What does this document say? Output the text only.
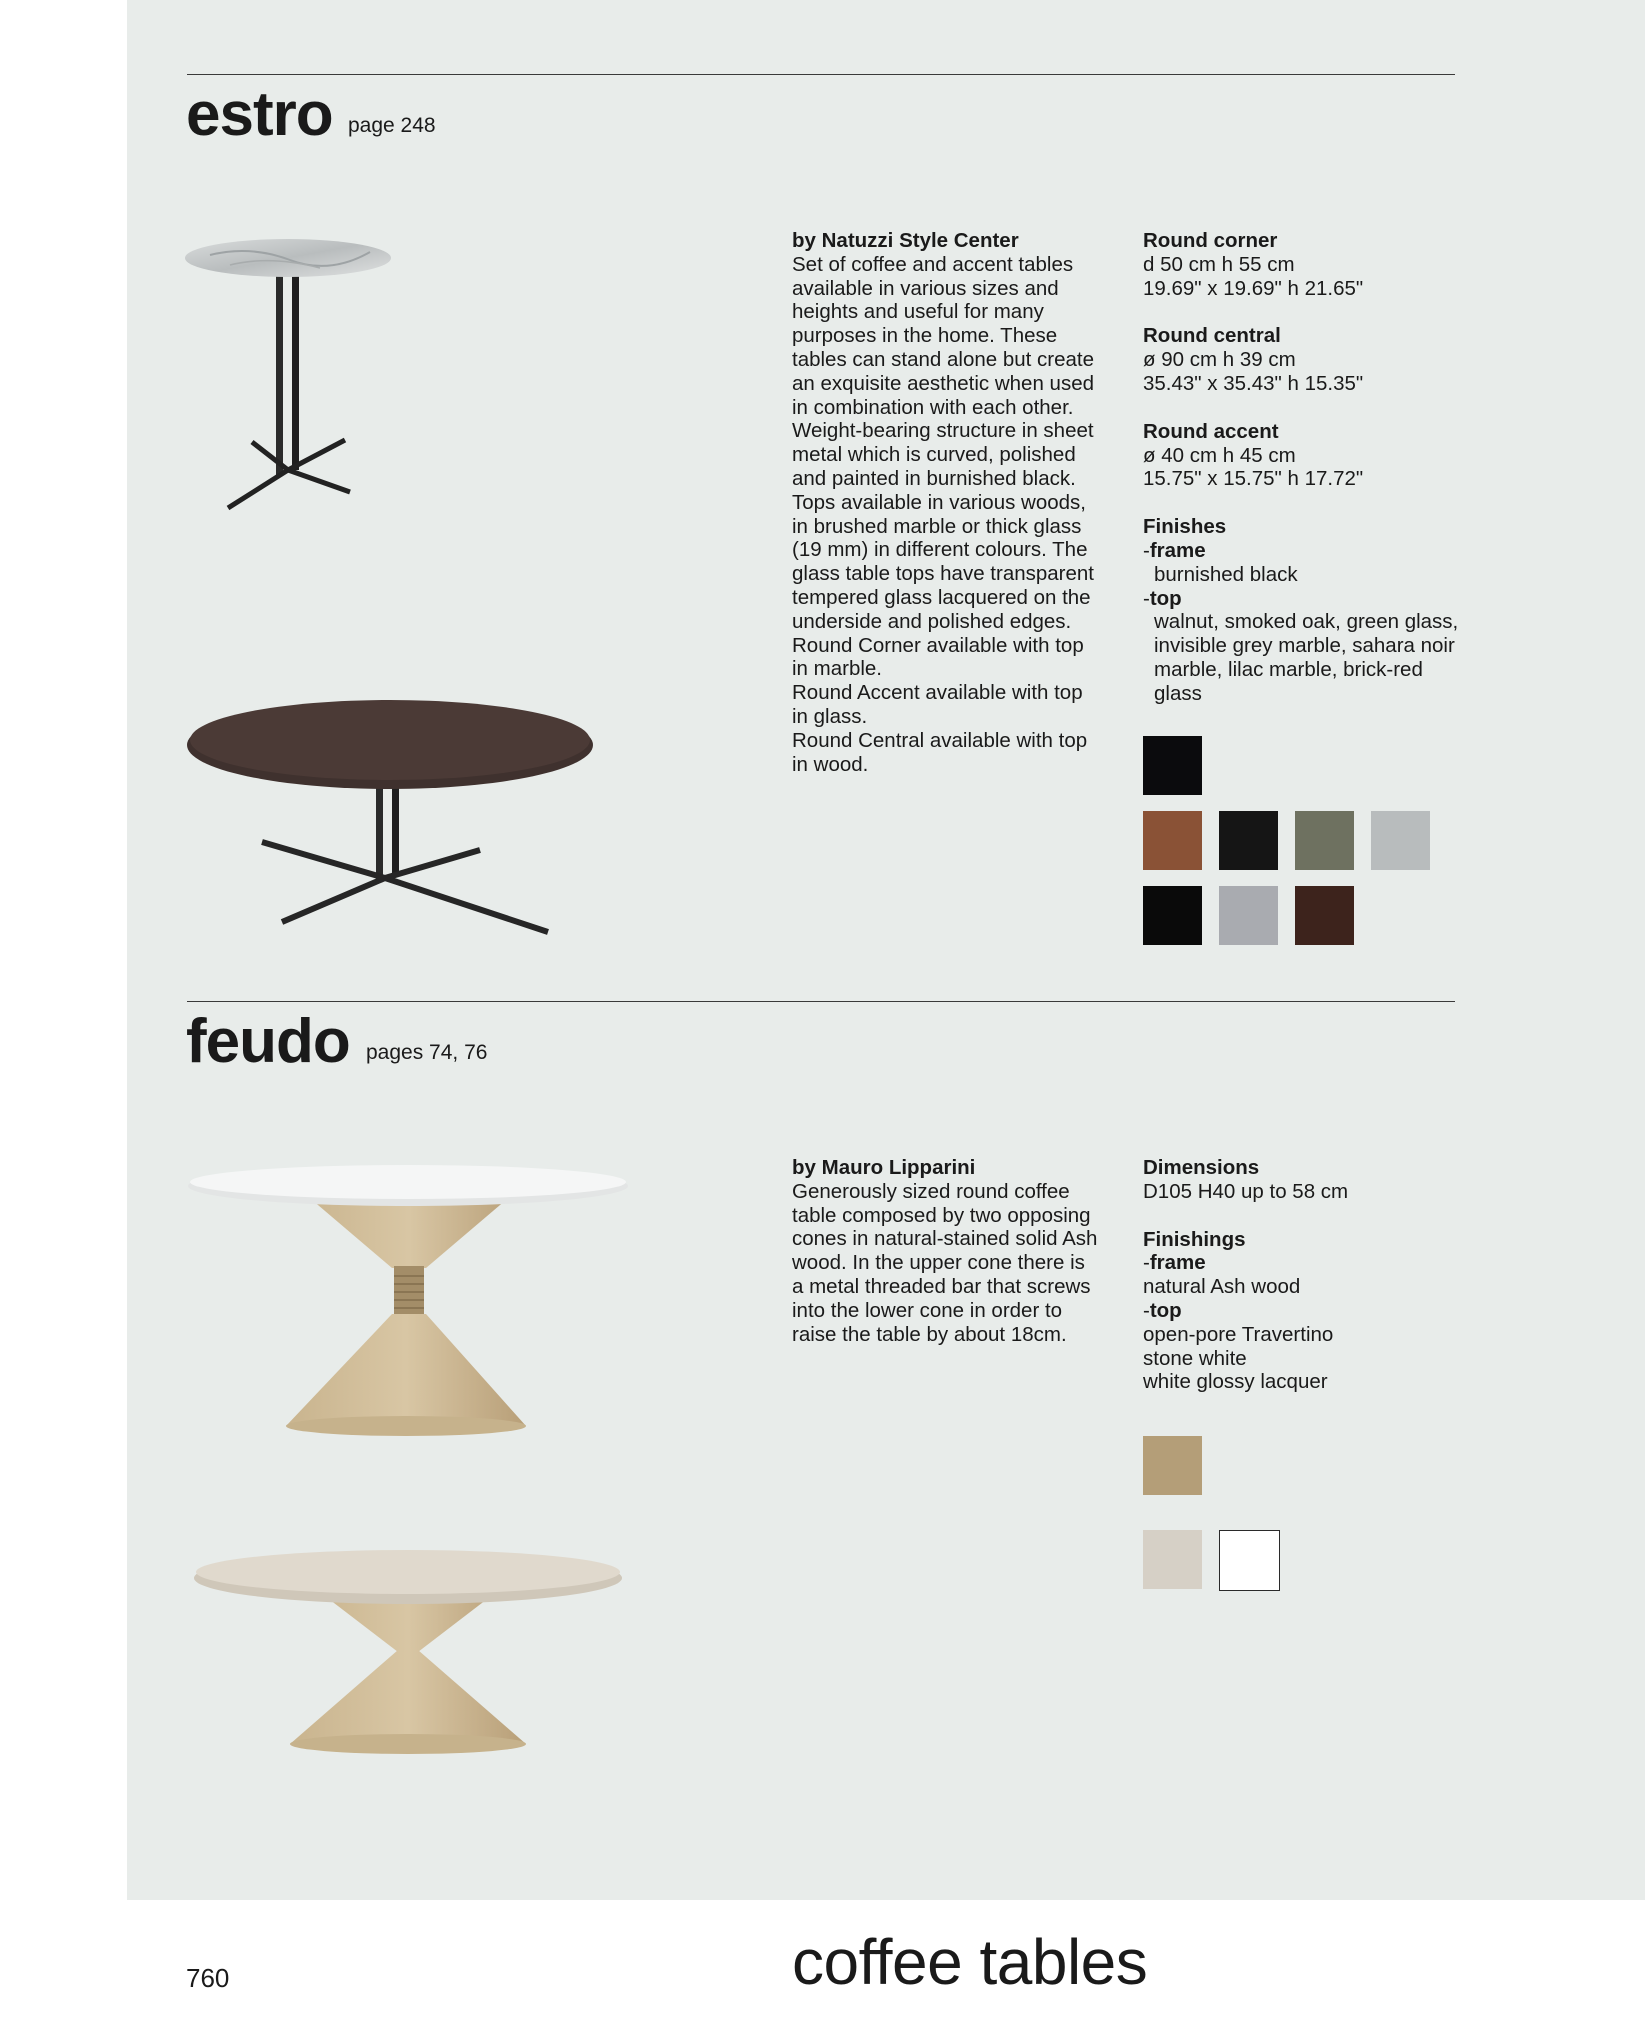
estro page 248

by Natuzzi Style Center

Set of coffee and accent tables

available in various sizes and

heights and useful for many

purposes in the home. These

tables can stand alone but create

an exquisite aesthetic when used

in combination with each other.

Weight-bearing structure in sheet

metal which is curved, polished

and painted in burnished black.

Tops available in various woods,

in brushed marble or thick glass

(19 mm) in different colours. The

glass table tops have transparent

tempered glass lacquered on the

underside and polished edges.

Round Corner available with top

in marble.

Round Accent available with top

in glass.

Round Central available with top

in wood.

Round corner

d 50 cm h 55 cm

19.69" x 19.69" h 21.65"

Round central

ø 90 cm h 39 cm

35.43" x 35.43" h 15.35"

Round accent

ø 40 cm h 45 cm

15.75" x 15.75" h 17.72"

Finishes

-frame

burnished black

-top

walnut, smoked oak, green glass,

invisible grey marble, sahara noir

marble, lilac marble, brick-red

glass

feudo pages 74, 76

by Mauro Lipparini

Generously sized round coffee

table composed by two opposing

cones in natural-stained solid Ash

wood. In the upper cone there is

a metal threaded bar that screws

into the lower cone in order to

raise the table by about 18cm.

Dimensions

D105 H40 up to 58 cm

Finishings

-frame

natural Ash wood

-top

open-pore Travertino

stone white

white glossy lacquer

760	coffee tables
